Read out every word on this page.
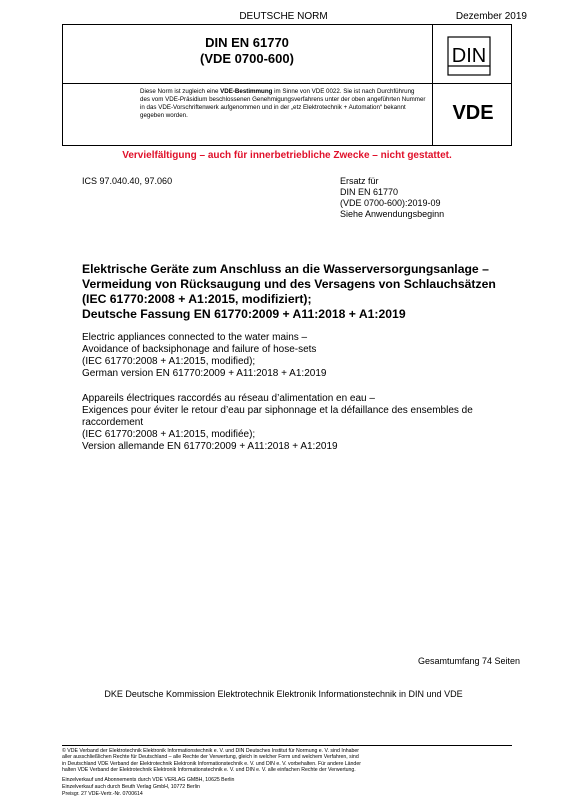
DEUTSCHE NORM	Dezember 2019
DIN EN 61770
(VDE 0700-600)	DIN
Diese Norm ist zugleich eine VDE-Bestimmung im Sinne von VDE 0022. Sie ist nach Durchführung des vom VDE-Präsidium beschlossenen Genehmigungsverfahrens unter der oben angeführten Nummer in das VDE-Vorschriftenwerk aufgenommen und in der „etz Elektrotechnik + Automation“ bekannt gegeben worden.	VDE
Vervielfältigung – auch für innerbetriebliche Zwecke – nicht gestattet.
ICS 97.040.40, 97.060	Ersatz für
DIN EN 61770
(VDE 0700-600):2019-09
Siehe Anwendungsbeginn
Elektrische Geräte zum Anschluss an die Wasserversorgungsanlage –
Vermeidung von Rücksaugung und des Versagens von Schlauchsätzen
(IEC 61770:2008 + A1:2015, modifiziert);
Deutsche Fassung EN 61770:2009 + A11:2018 + A1:2019
Electric appliances connected to the water mains –
Avoidance of backsiphonage and failure of hose-sets
(IEC 61770:2008 + A1:2015, modified);
German version EN 61770:2009 + A11:2018 + A1:2019
Appareils électriques raccordés au réseau d’alimentation en eau –
Exigences pour éviter le retour d’eau par siphonnage et la défaillance des ensembles de
raccordement
(IEC 61770:2008 + A1:2015, modifiée);
Version allemande EN 61770:2009 + A11:2018 + A1:2019
Gesamtumfang 74 Seiten
DKE Deutsche Kommission Elektrotechnik Elektronik Informationstechnik in DIN und VDE
© VDE Verband der Elektrotechnik Elektronik Informationstechnik e. V. und DIN Deutsches Institut für Normung e. V. sind Inhaber
aller ausschließlichen Rechte für Deutschland – alle Rechte der Verwertung, gleich in welcher Form und welchem Verfahren, sind
in Deutschland VDE Verband der Elektrotechnik Elektronik Informationstechnik e. V. und DIN e. V. vorbehalten. Für andere Länder
halten VDE Verband der Elektrotechnik Elektronik Informationstechnik e. V. und DIN e. V. alle einfachen Rechte der Verwertung.
Einzelverkauf und Abonnements durch VDE VERLAG GMBH, 10625 Berlin
Einzelverkauf auch durch Beuth Verlag GmbH, 10772 Berlin
Preisgr. 27 VDE-Vertr.-Nr. 0700614
